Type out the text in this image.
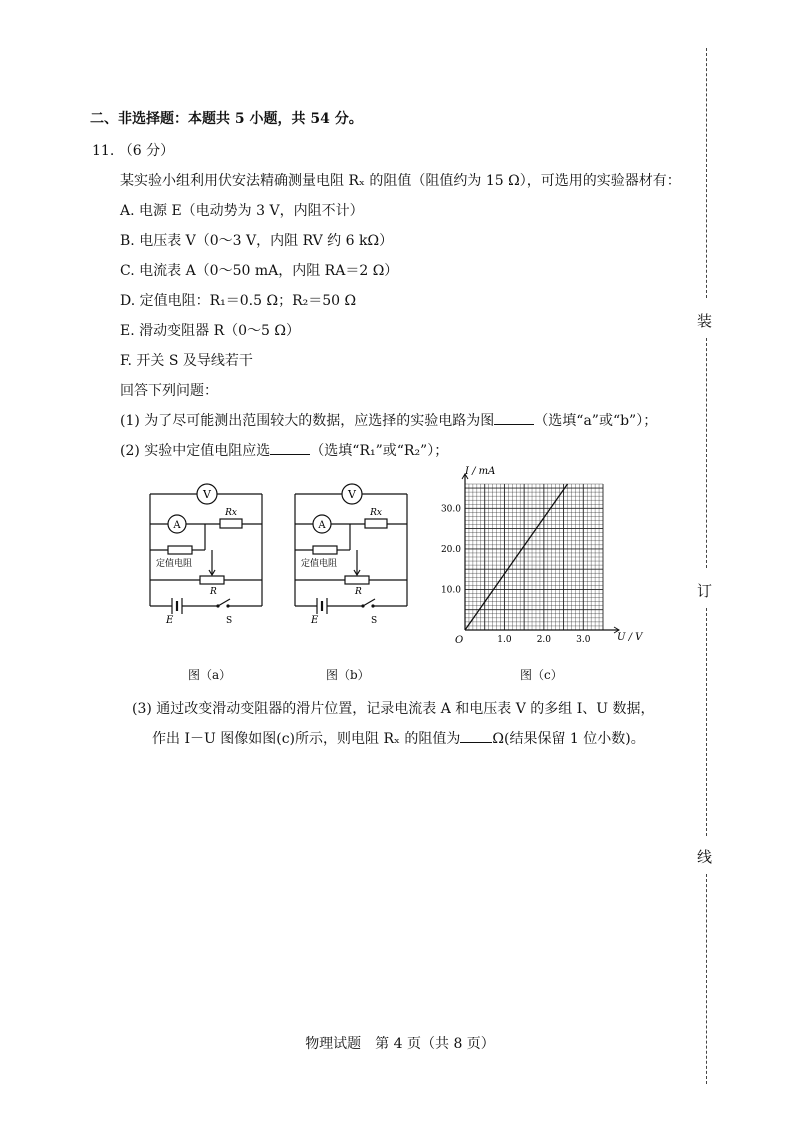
装
订
线
二、非选择题：本题共 5 小题，共 54 分。
11. （6 分）
某实验小组利用伏安法精确测量电阻 Rₓ 的阻值（阻值约为 15 Ω），可选用的实验器材有：
A. 电源 E（电动势为 3 V，内阻不计）
B. 电压表 V（0～3 V，内阻 RV 约 6 kΩ）
C. 电流表 A（0～50 mA，内阻 RA＝2 Ω）
D. 定值电阻：R₁＝0.5 Ω；R₂＝50 Ω
E. 滑动变阻器 R（0～5 Ω）
F. 开关 S 及导线若干
回答下列问题：
(1) 为了尽可能测出范围较大的数据，应选择的实验电路为图	（选填“a”或“b”）；
(2) 实验中定值电阻应选	（选填“R₁”或“R₂”）；
V
A
Rx
定值电阻
R
E	S
V
A
Rx
定值电阻
R
E	S
1.0	2.0	3.0
10.0
20.0
30.0
I / mA
U / V
O
图（a）	图（b）	图（c）
(3) 通过改变滑动变阻器的滑片位置，记录电流表 A 和电压表 V 的多组 I、U 数据，
作出 I－U 图像如图(c)所示，则电阻 Rₓ 的阻值为 Ω(结果保留 1 位小数)。
物理试题　第 4 页（共 8 页）
